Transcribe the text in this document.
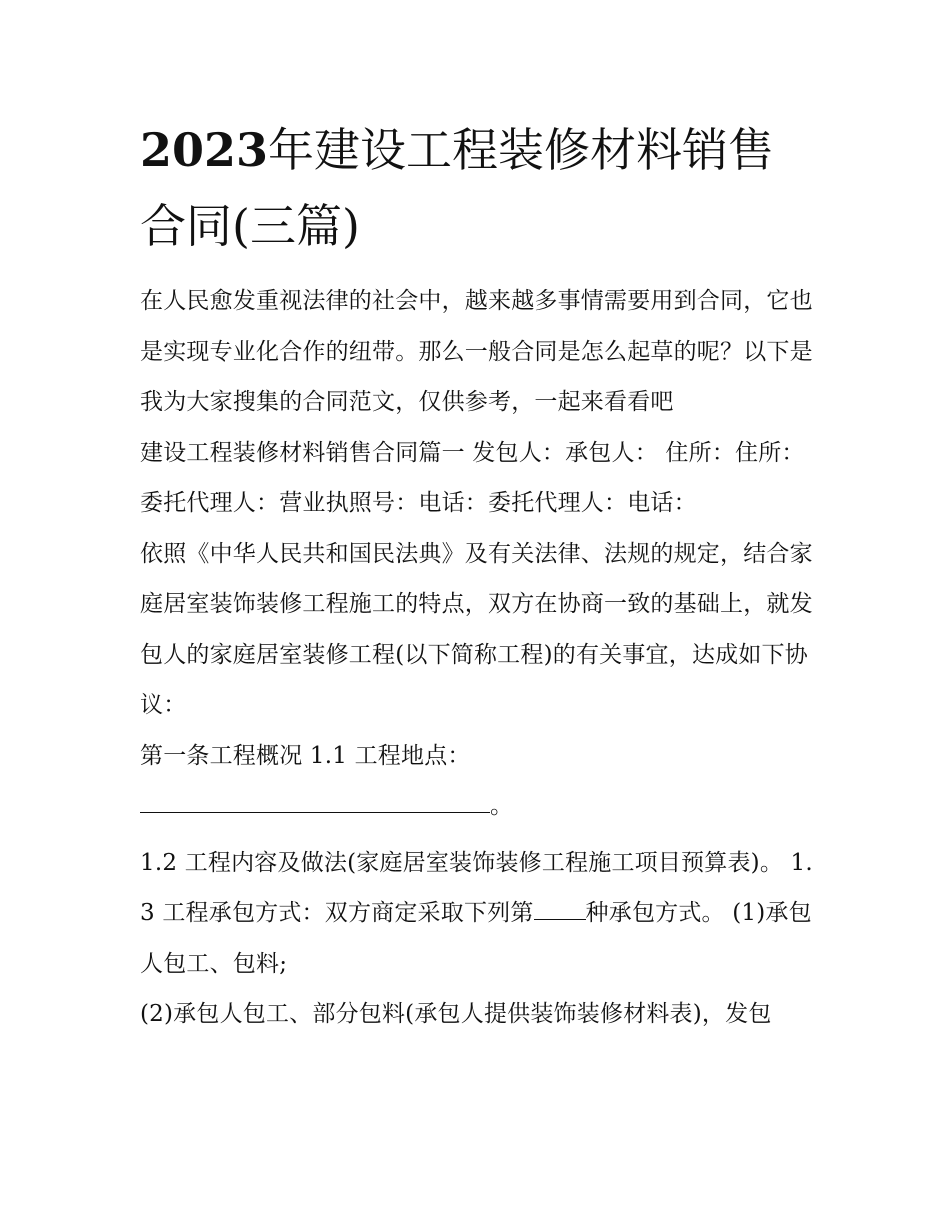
2023年建设工程装修材料销售合同(三篇)

在人民愈发重视法律的社会中，越来越多事情需要用到合同，它也是实现专业化合作的纽带。那么一般合同是怎么起草的呢？以下是我为大家搜集的合同范文，仅供参考，一起来看看吧

建设工程装修材料销售合同篇一 发包人：承包人： 住所：住所： 委托代理人：营业执照号：电话：委托代理人：电话：

依照《中华人民共和国民法典》及有关法律、法规的规定，结合家庭居室装饰装修工程施工的特点，双方在协商一致的基础上，就发包人的家庭居室装修工程(以下简称工程)的有关事宜，达成如下协议：

第一条工程概况 1.1 工程地点：

。

1.2 工程内容及做法(家庭居室装饰装修工程施工项目预算表)。 1.3 工程承包方式：双方商定采取下列第 种承包方式。 (1)承包人包工、包料;

(2)承包人包工、部分包料(承包人提供装饰装修材料表)，发包
